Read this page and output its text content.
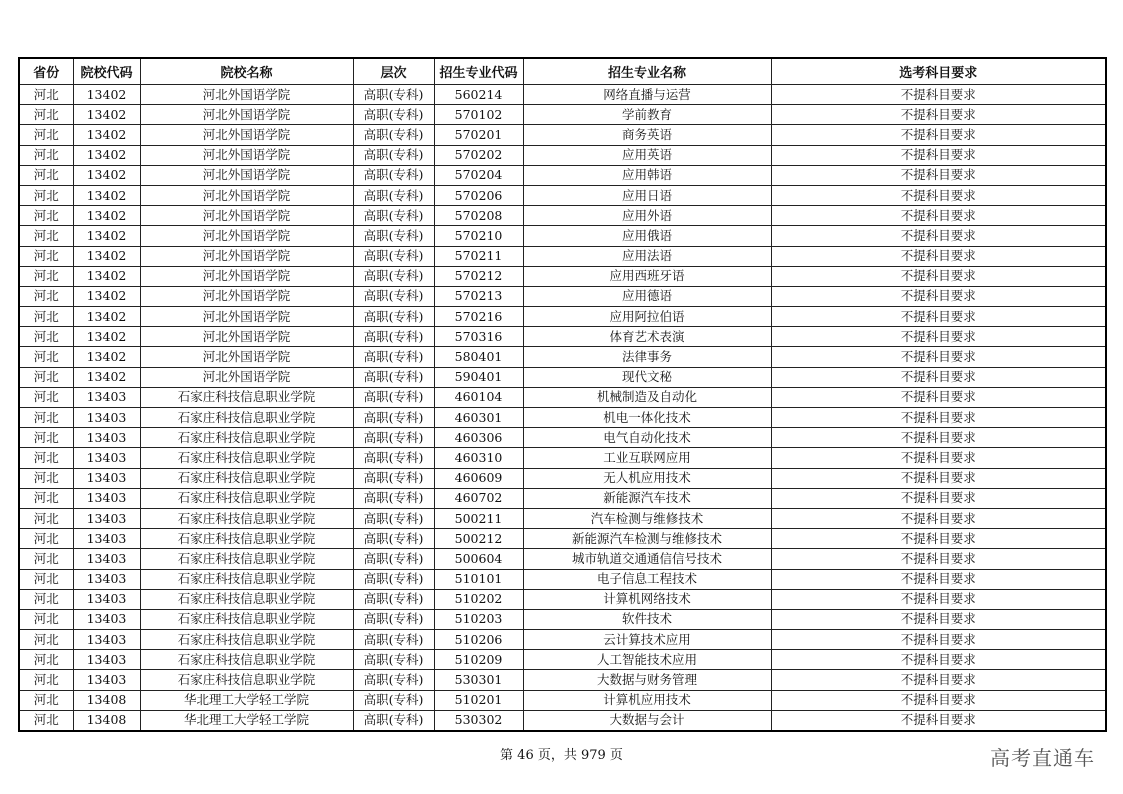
省份	院校代码	院校名称	层次	招生专业代码	招生专业名称	选考科目要求
河北	13402	河北外国语学院	高职(专科)	560214	网络直播与运营	不提科目要求
河北	13402	河北外国语学院	高职(专科)	570102	学前教育	不提科目要求
河北	13402	河北外国语学院	高职(专科)	570201	商务英语	不提科目要求
河北	13402	河北外国语学院	高职(专科)	570202	应用英语	不提科目要求
河北	13402	河北外国语学院	高职(专科)	570204	应用韩语	不提科目要求
河北	13402	河北外国语学院	高职(专科)	570206	应用日语	不提科目要求
河北	13402	河北外国语学院	高职(专科)	570208	应用外语	不提科目要求
河北	13402	河北外国语学院	高职(专科)	570210	应用俄语	不提科目要求
河北	13402	河北外国语学院	高职(专科)	570211	应用法语	不提科目要求
河北	13402	河北外国语学院	高职(专科)	570212	应用西班牙语	不提科目要求
河北	13402	河北外国语学院	高职(专科)	570213	应用德语	不提科目要求
河北	13402	河北外国语学院	高职(专科)	570216	应用阿拉伯语	不提科目要求
河北	13402	河北外国语学院	高职(专科)	570316	体育艺术表演	不提科目要求
河北	13402	河北外国语学院	高职(专科)	580401	法律事务	不提科目要求
河北	13402	河北外国语学院	高职(专科)	590401	现代文秘	不提科目要求
河北	13403	石家庄科技信息职业学院	高职(专科)	460104	机械制造及自动化	不提科目要求
河北	13403	石家庄科技信息职业学院	高职(专科)	460301	机电一体化技术	不提科目要求
河北	13403	石家庄科技信息职业学院	高职(专科)	460306	电气自动化技术	不提科目要求
河北	13403	石家庄科技信息职业学院	高职(专科)	460310	工业互联网应用	不提科目要求
河北	13403	石家庄科技信息职业学院	高职(专科)	460609	无人机应用技术	不提科目要求
河北	13403	石家庄科技信息职业学院	高职(专科)	460702	新能源汽车技术	不提科目要求
河北	13403	石家庄科技信息职业学院	高职(专科)	500211	汽车检测与维修技术	不提科目要求
河北	13403	石家庄科技信息职业学院	高职(专科)	500212	新能源汽车检测与维修技术	不提科目要求
河北	13403	石家庄科技信息职业学院	高职(专科)	500604	城市轨道交通通信信号技术	不提科目要求
河北	13403	石家庄科技信息职业学院	高职(专科)	510101	电子信息工程技术	不提科目要求
河北	13403	石家庄科技信息职业学院	高职(专科)	510202	计算机网络技术	不提科目要求
河北	13403	石家庄科技信息职业学院	高职(专科)	510203	软件技术	不提科目要求
河北	13403	石家庄科技信息职业学院	高职(专科)	510206	云计算技术应用	不提科目要求
河北	13403	石家庄科技信息职业学院	高职(专科)	510209	人工智能技术应用	不提科目要求
河北	13403	石家庄科技信息职业学院	高职(专科)	530301	大数据与财务管理	不提科目要求
河北	13408	华北理工大学轻工学院	高职(专科)	510201	计算机应用技术	不提科目要求
河北	13408	华北理工大学轻工学院	高职(专科)	530302	大数据与会计	不提科目要求
第 46 页，共 979 页	高考直通车
